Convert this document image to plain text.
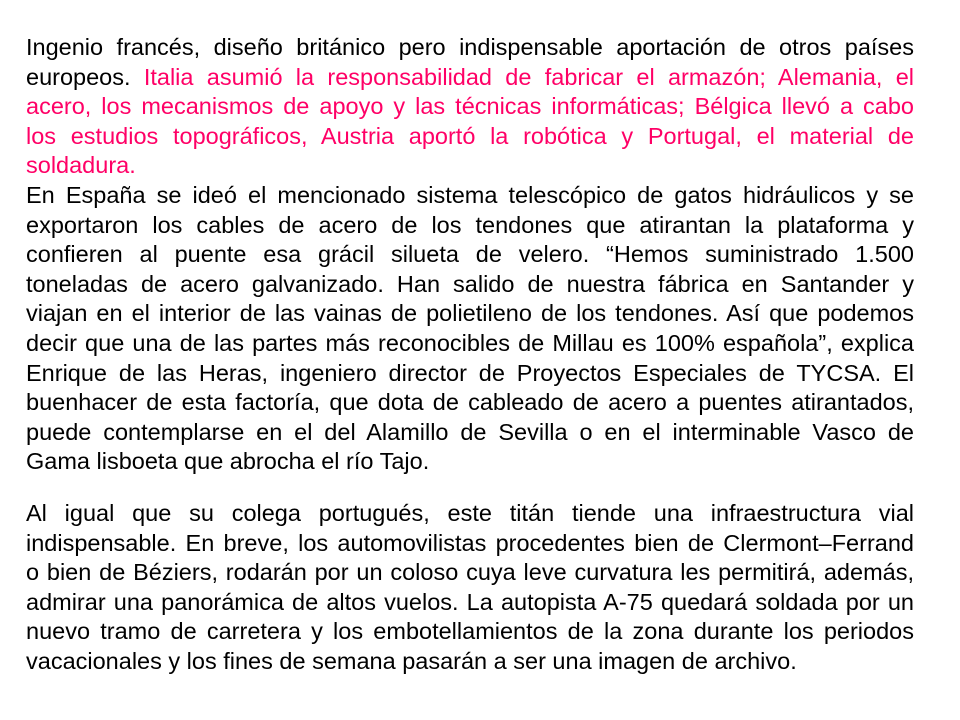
Ingenio francés, diseño británico pero indispensable aportación de otros países
europeos. Italia asumió la responsabilidad de fabricar el armazón; Alemania, el
acero, los mecanismos de apoyo y las técnicas informáticas; Bélgica llevó a cabo
los estudios topográficos, Austria aportó la robótica y Portugal, el material de
soldadura.
En España se ideó el mencionado sistema telescópico de gatos hidráulicos y se
exportaron los cables de acero de los tendones que atirantan la plataforma y
confieren al puente esa grácil silueta de velero. “Hemos suministrado 1.500
toneladas de acero galvanizado. Han salido de nuestra fábrica en Santander y
viajan en el interior de las vainas de polietileno de los tendones. Así que podemos
decir que una de las partes más reconocibles de Millau es 100% española”, explica
Enrique de las Heras, ingeniero director de Proyectos Especiales de TYCSA. El
buenhacer de esta factoría, que dota de cableado de acero a puentes atirantados,
puede contemplarse en el del Alamillo de Sevilla o en el interminable Vasco de
Gama lisboeta que abrocha el río Tajo.
Al igual que su colega portugués, este titán tiende una infraestructura vial
indispensable. En breve, los automovilistas procedentes bien de Clermont–Ferrand
o bien de Béziers, rodarán por un coloso cuya leve curvatura les permitirá, además,
admirar una panorámica de altos vuelos. La autopista A-75 quedará soldada por un
nuevo tramo de carretera y los embotellamientos de la zona durante los periodos
vacacionales y los fines de semana pasarán a ser una imagen de archivo.
